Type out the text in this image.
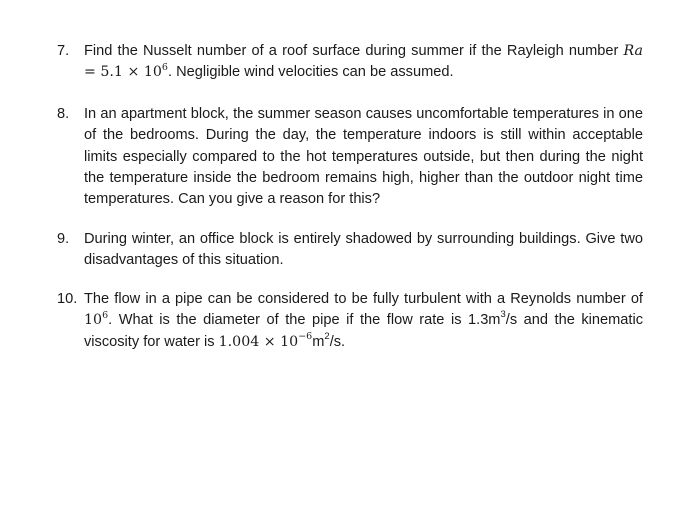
7.	Find the Nusselt number of a roof surface during summer if the Rayleigh number $Ra = 5.1 \times 10^6$. Negligible wind velocities can be assumed.
8.	In an apartment block, the summer season causes uncomfortable temperatures in one of the bedrooms. During the day, the temperature indoors is still within acceptable limits especially compared to the hot temperatures outside, but then during the night the temperature inside the bedroom remains high, higher than the outdoor night time temperatures. Can you give a reason for this?
9.	During winter, an office block is entirely shadowed by surrounding buildings. Give two disadvantages of this situation.
10. The flow in a pipe can be considered to be fully turbulent with a Reynolds number of $10^6$. What is the diameter of the pipe if the flow rate is $1.3m^3/s$ and the kinematic viscosity for water is $1.004 \times 10^{-6}m^2/s$.
